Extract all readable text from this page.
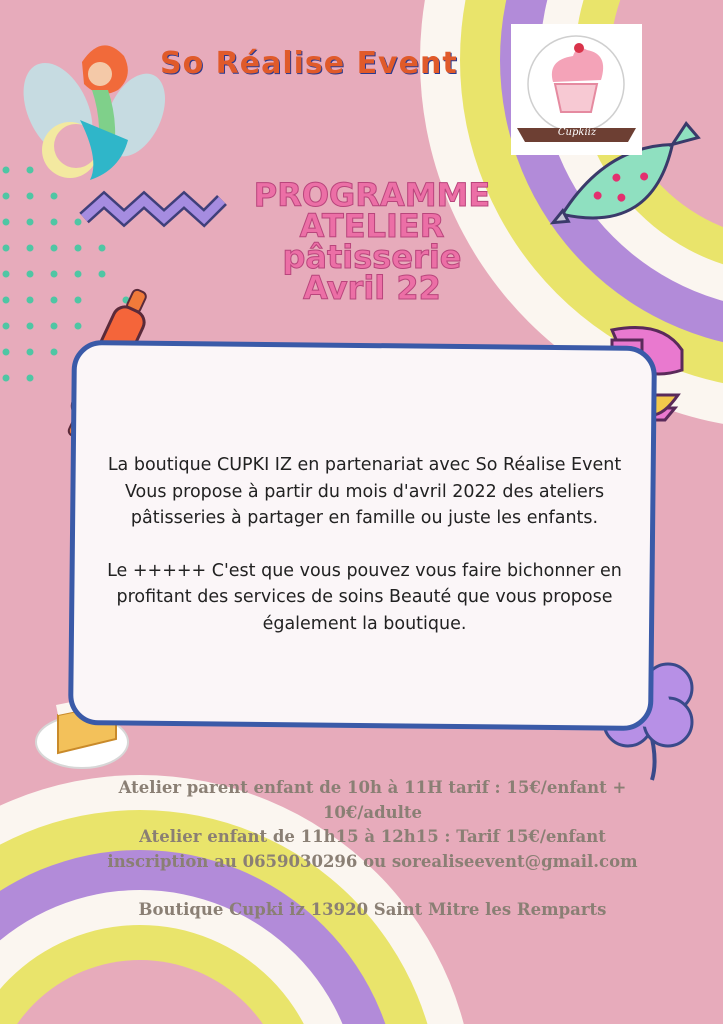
So Réalise Event
Cupkiiz
PROGRAMME
ATELIER
pâtisserie
Avril 22

La boutique CUPKI IZ en partenariat avec So Réalise Event Vous propose à partir du mois d'avril 2022 des ateliers pâtisseries à partager en famille ou juste les enfants.

Le +++++ C'est que vous pouvez vous faire bichonner en profitant des services de soins Beauté que vous propose également la boutique.

Atelier parent enfant de 10h à 11H tarif : 15€/enfant +
10€/adulte
Atelier enfant de 11h15 à 12h15 : Tarif 15€/enfant
inscription au 0659030296 ou sorealiseevent@gmail.com
Boutique Cupki iz 13920 Saint Mitre les Remparts
